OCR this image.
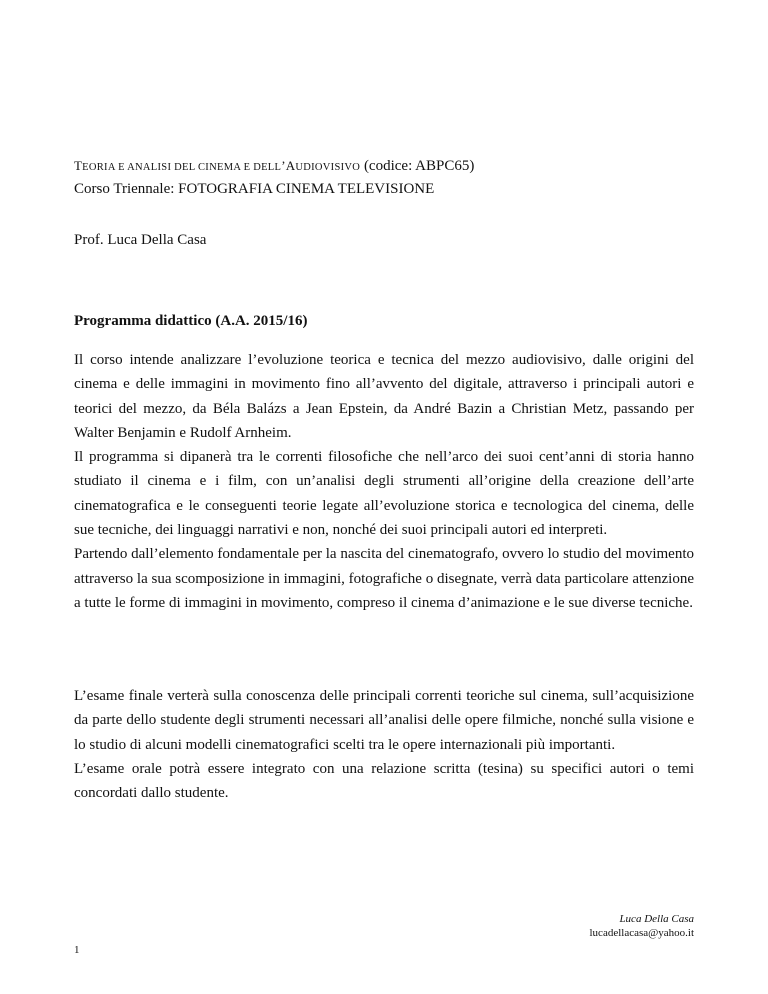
TEORIA E ANALISI DEL CINEMA E DELL’AUDIOVISIVO (codice: ABPC65)
Corso Triennale: FOTOGRAFIA CINEMA TELEVISIONE
Prof. Luca Della Casa
Programma didattico (A.A. 2015/16)

Il corso intende analizzare l’evoluzione teorica e tecnica del mezzo audiovisivo, dalle origini del cinema e delle immagini in movimento fino all’avvento del digitale, attraverso i principali autori e teorici del mezzo, da Béla Balázs a Jean Epstein, da André Bazin a Christian Metz, passando per Walter Benjamin e Rudolf Arnheim.

Il programma si dipanerà tra le correnti filosofiche che nell’arco dei suoi cent’anni di storia hanno studiato il cinema e i film, con un’analisi degli strumenti all’origine della creazione dell’arte cinematografica e le conseguenti teorie legate all’evoluzione storica e tecnologica del cinema, delle sue tecniche, dei linguaggi narrativi e non, nonché dei suoi principali autori ed interpreti.

Partendo dall’elemento fondamentale per la nascita del cinematografo, ovvero lo studio del movimento attraverso la sua scomposizione in immagini, fotografiche o disegnate, verrà data particolare attenzione a tutte le forme di immagini in movimento, compreso il cinema d’animazione e le sue diverse tecniche.

L’esame finale verterà sulla conoscenza delle principali correnti teoriche sul cinema, sull’acquisizione da parte dello studente degli strumenti necessari all’analisi delle opere filmiche, nonché sulla visione e lo studio di alcuni modelli cinematografici scelti tra le opere internazionali più importanti.

L’esame orale potrà essere integrato con una relazione scritta (tesina) su specifici autori o temi concordati dallo studente.

Luca Della Casa
lucadellacasa@yahoo.it
1
